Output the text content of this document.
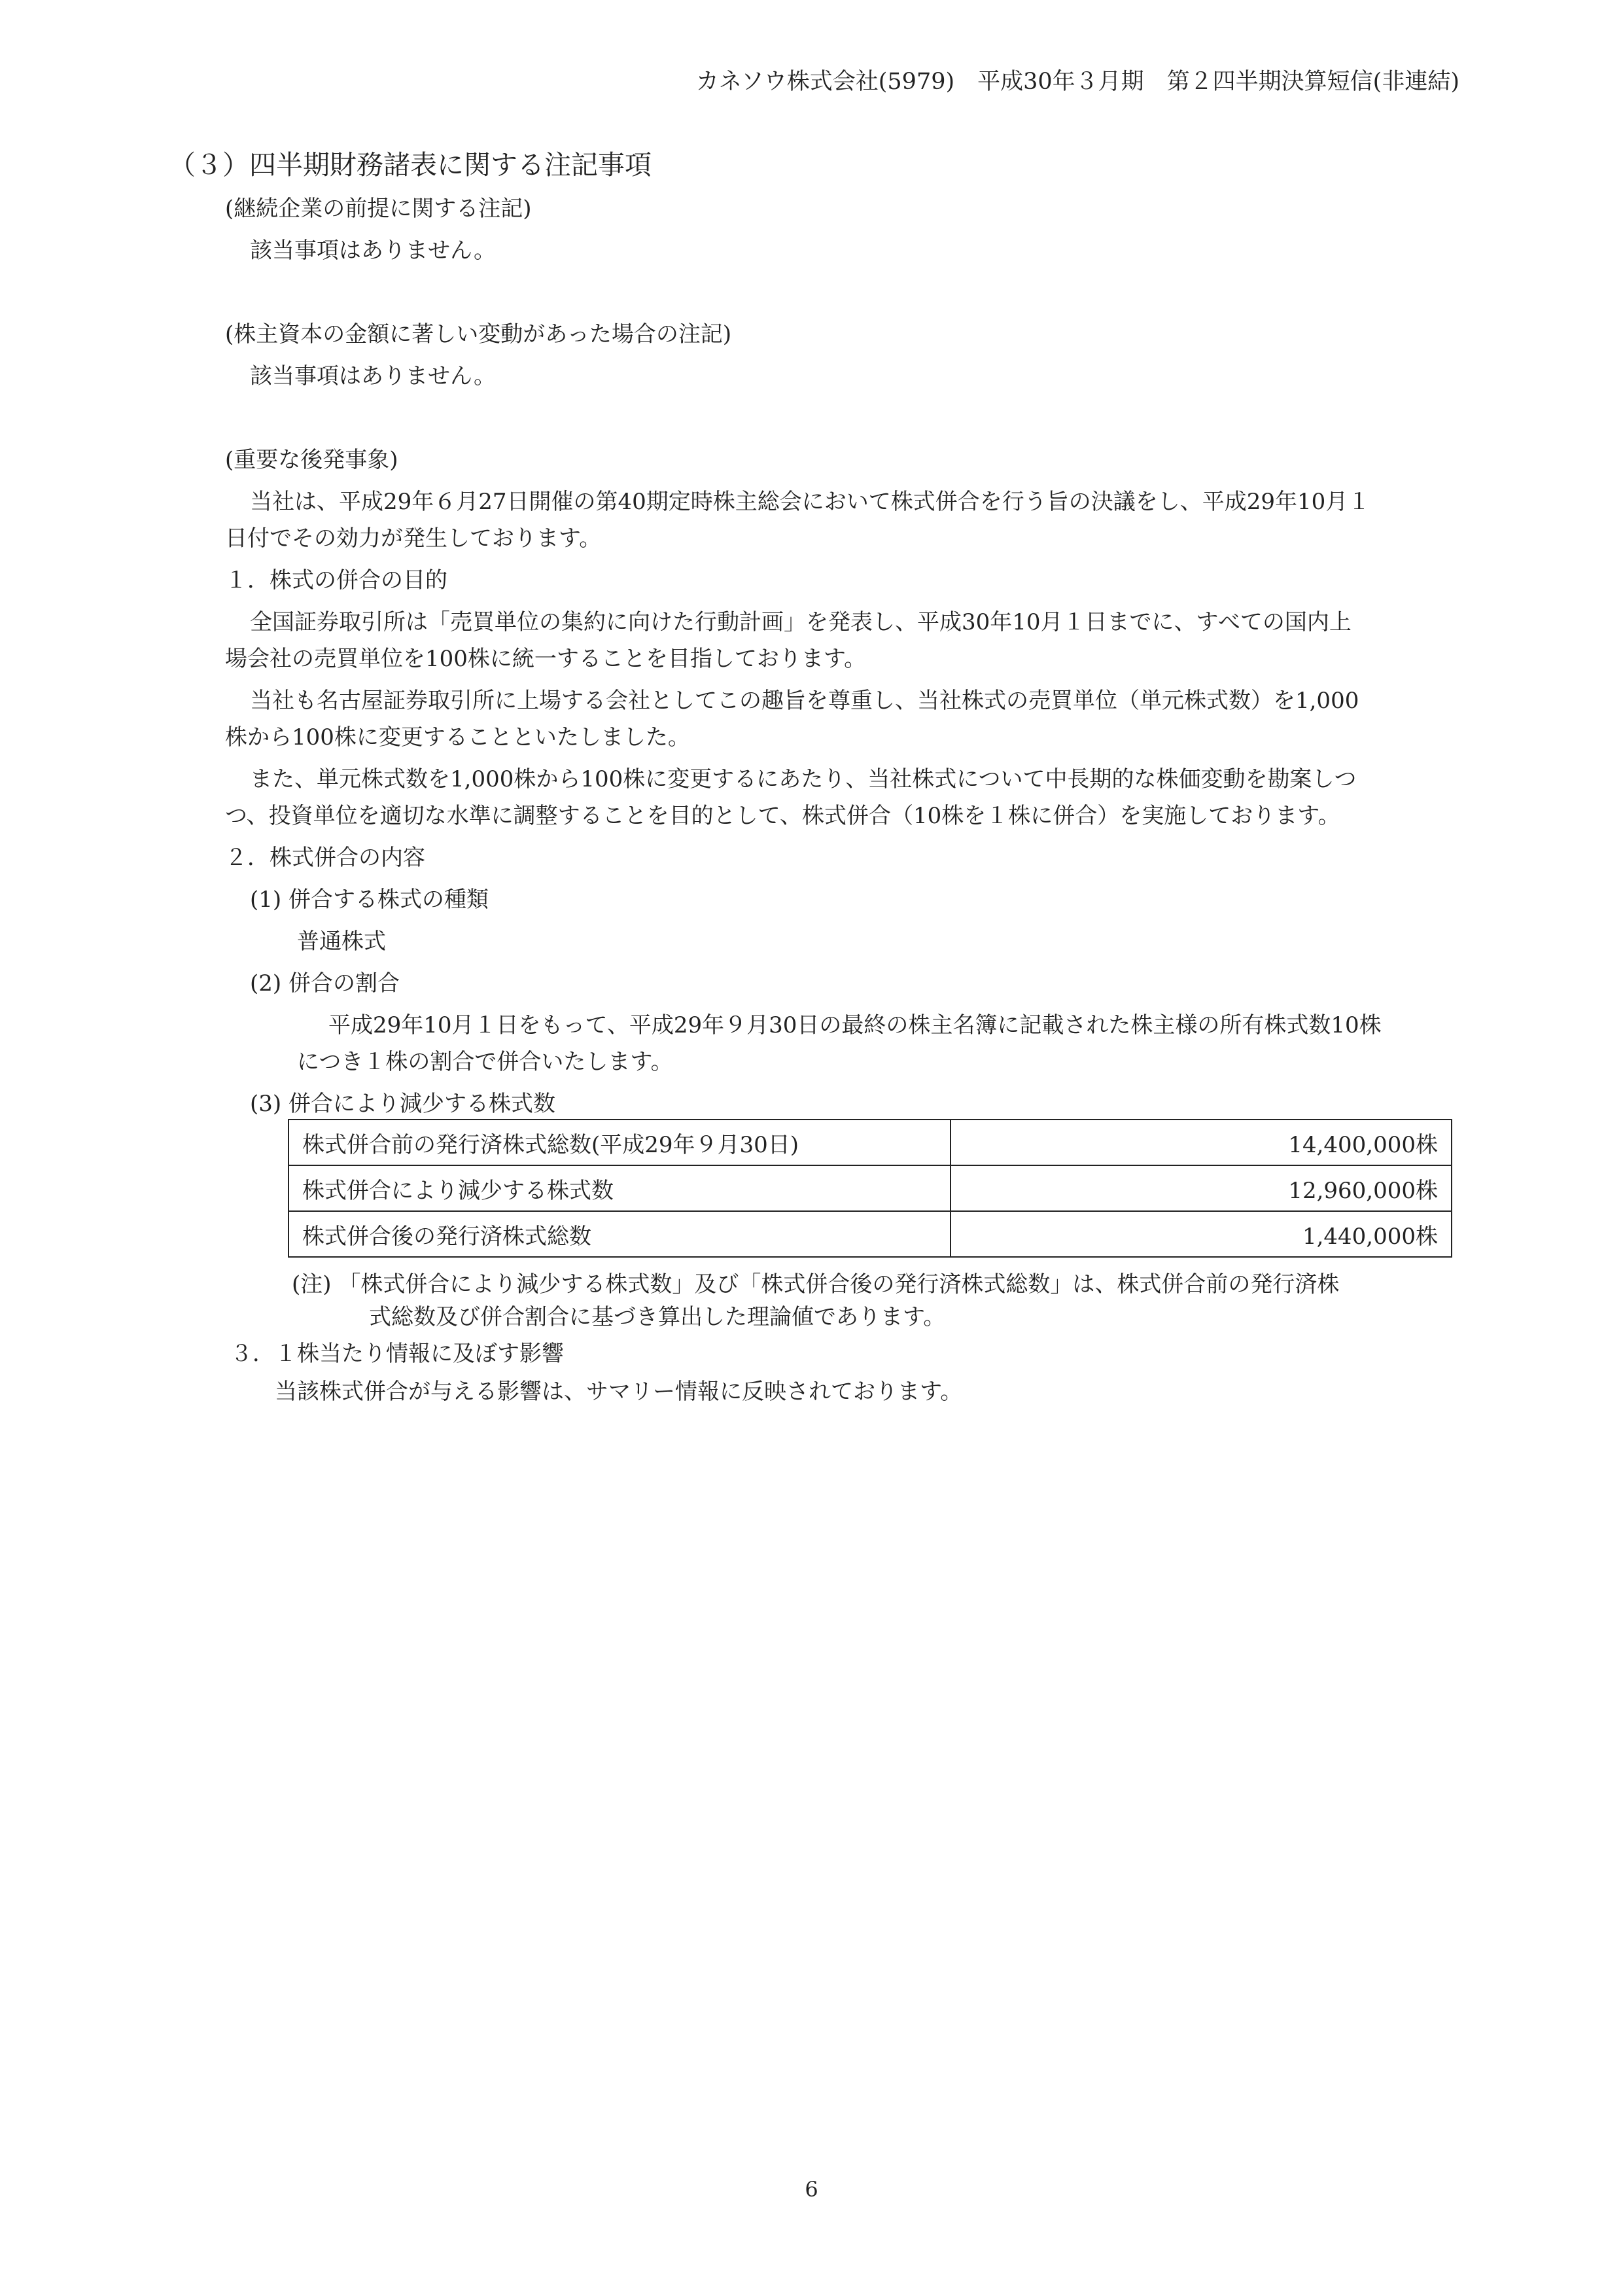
カネソウ株式会社(5979)　平成30年３月期　第２四半期決算短信(非連結)
（３）四半期財務諸表に関する注記事項
(継続企業の前提に関する注記)
該当事項はありません。
(株主資本の金額に著しい変動があった場合の注記)
該当事項はありません。
(重要な後発事象)
当社は、平成29年６月27日開催の第40期定時株主総会において株式併合を行う旨の決議をし、平成29年10月１
日付でその効力が発生しております。
１．株式の併合の目的
全国証券取引所は「売買単位の集約に向けた行動計画」を発表し、平成30年10月１日までに、すべての国内上
場会社の売買単位を100株に統一することを目指しております。
当社も名古屋証券取引所に上場する会社としてこの趣旨を尊重し、当社株式の売買単位（単元株式数）を1,000
株から100株に変更することといたしました。
また、単元株式数を1,000株から100株に変更するにあたり、当社株式について中長期的な株価変動を勘案しつ
つ、投資単位を適切な水準に調整することを目的として、株式併合（10株を１株に併合）を実施しております。
２．株式併合の内容
(1) 併合する株式の種類
普通株式
(2) 併合の割合
平成29年10月１日をもって、平成29年９月30日の最終の株主名簿に記載された株主様の所有株式数10株
につき１株の割合で併合いたします。
(3) 併合により減少する株式数
株式併合前の発行済株式総数(平成29年９月30日)	14,400,000株
株式併合により減少する株式数	12,960,000株
株式併合後の発行済株式総数	1,440,000株
(注) 「株式併合により減少する株式数」及び「株式併合後の発行済株式総数」は、株式併合前の発行済株
式総数及び併合割合に基づき算出した理論値であります。
３．１株当たり情報に及ぼす影響
当該株式併合が与える影響は、サマリー情報に反映されております。
6
